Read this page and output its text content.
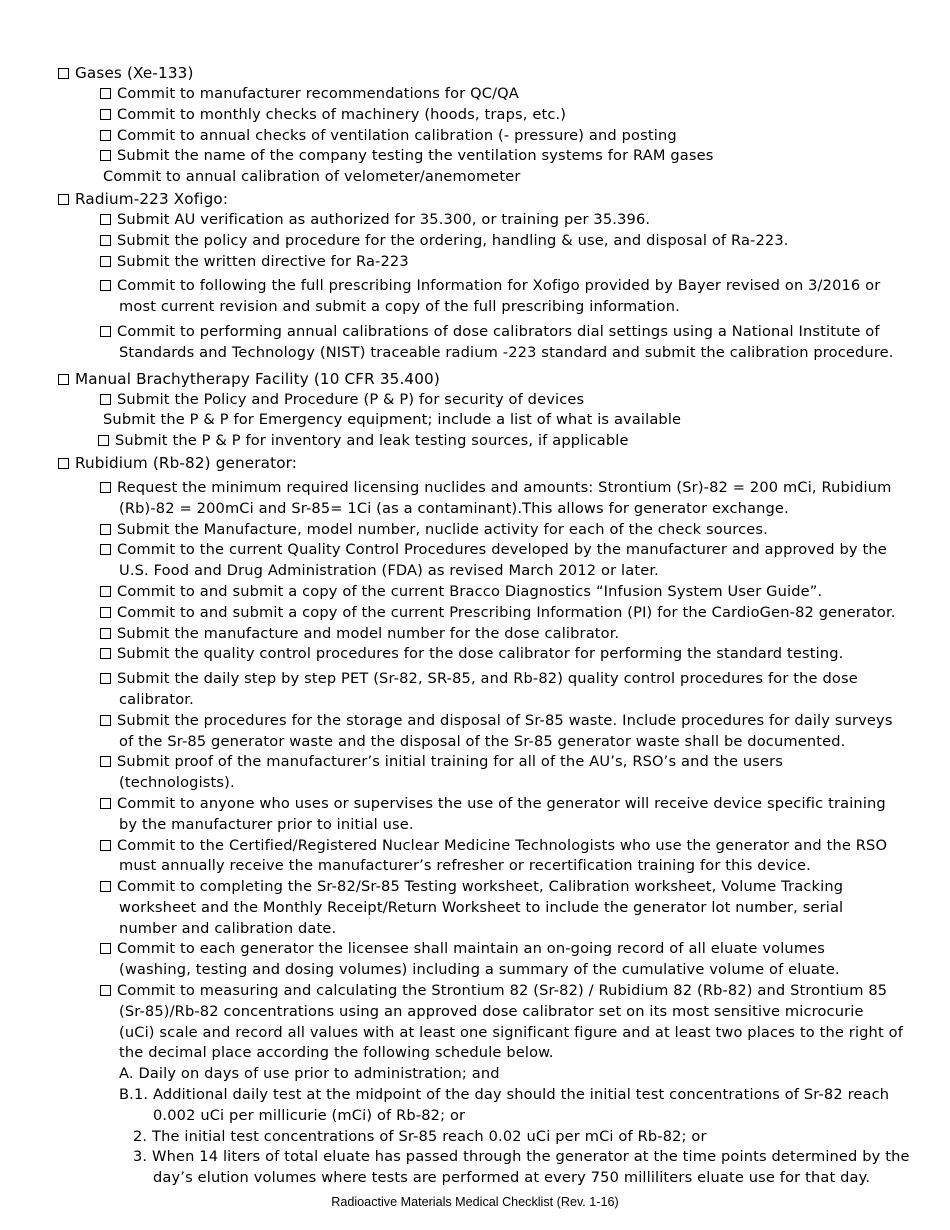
Gases (Xe-133)
Commit to manufacturer recommendations for QC/QA
Commit to monthly checks of machinery (hoods, traps, etc.)
Commit to annual checks of ventilation calibration (- pressure) and posting
Submit the name of the company testing the ventilation systems for RAM gases
Commit to annual calibration of velometer/anemometer
Radium-223 Xofigo:
Submit AU verification as authorized for 35.300, or training per 35.396.
Submit the policy and procedure for the ordering, handling & use, and disposal of Ra-223.
Submit the written directive for Ra-223
Commit to following the full prescribing Information for Xofigo provided by Bayer revised on 3/2016 or
most current revision and submit a copy of the full prescribing information.
Commit to performing annual calibrations of dose calibrators dial settings using a National Institute of
Standards and Technology (NIST) traceable radium -223 standard and submit the calibration procedure.
Manual Brachytherapy Facility (10 CFR 35.400)
Submit the Policy and Procedure (P & P) for security of devices
Submit the P & P for Emergency equipment; include a list of what is available
Submit the P & P for inventory and leak testing sources, if applicable
Rubidium (Rb-82) generator:
Request the minimum required licensing nuclides and amounts: Strontium (Sr)-82 = 200 mCi, Rubidium
(Rb)-82 = 200mCi and Sr-85= 1Ci (as a contaminant).This allows for generator exchange.
Submit the Manufacture, model number, nuclide activity for each of the check sources.
Commit to the current Quality Control Procedures developed by the manufacturer and approved by the
U.S. Food and Drug Administration (FDA) as revised March 2012 or later.
Commit to and submit a copy of the current Bracco Diagnostics “Infusion System User Guide”.
Commit to and submit a copy of the current Prescribing Information (PI) for the CardioGen-82 generator.
Submit the manufacture and model number for the dose calibrator.
Submit the quality control procedures for the dose calibrator for performing the standard testing.
Submit the daily step by step PET (Sr-82, SR-85, and Rb-82) quality control procedures for the dose
calibrator.
Submit the procedures for the storage and disposal of Sr-85 waste. Include procedures for daily surveys
of the Sr-85 generator waste and the disposal of the Sr-85 generator waste shall be documented.
Submit proof of the manufacturer’s initial training for all of the AU’s, RSO’s and the users
(technologists).
Commit to anyone who uses or supervises the use of the generator will receive device specific training
by the manufacturer prior to initial use.
Commit to the Certified/Registered Nuclear Medicine Technologists who use the generator and the RSO
must annually receive the manufacturer’s refresher or recertification training for this device.
Commit to completing the Sr-82/Sr-85 Testing worksheet, Calibration worksheet, Volume Tracking
worksheet and the Monthly Receipt/Return Worksheet to include the generator lot number, serial
number and calibration date.
Commit to each generator the licensee shall maintain an on-going record of all eluate volumes
(washing, testing and dosing volumes) including a summary of the cumulative volume of eluate.
Commit to measuring and calculating the Strontium 82 (Sr-82) / Rubidium 82 (Rb-82) and Strontium 85
(Sr-85)/Rb-82 concentrations using an approved dose calibrator set on its most sensitive microcurie
(uCi) scale and record all values with at least one significant figure and at least two places to the right of
the decimal place according the following schedule below.
A. Daily on days of use prior to administration; and
B.1. Additional daily test at the midpoint of the day should the initial test concentrations of Sr-82 reach
0.002 uCi per millicurie (mCi) of Rb-82; or
2. The initial test concentrations of Sr-85 reach 0.02 uCi per mCi of Rb-82; or
3. When 14 liters of total eluate has passed through the generator at the time points determined by the
day’s elution volumes where tests are performed at every 750 milliliters eluate use for that day.
Radioactive Materials Medical Checklist (Rev. 1-16)
